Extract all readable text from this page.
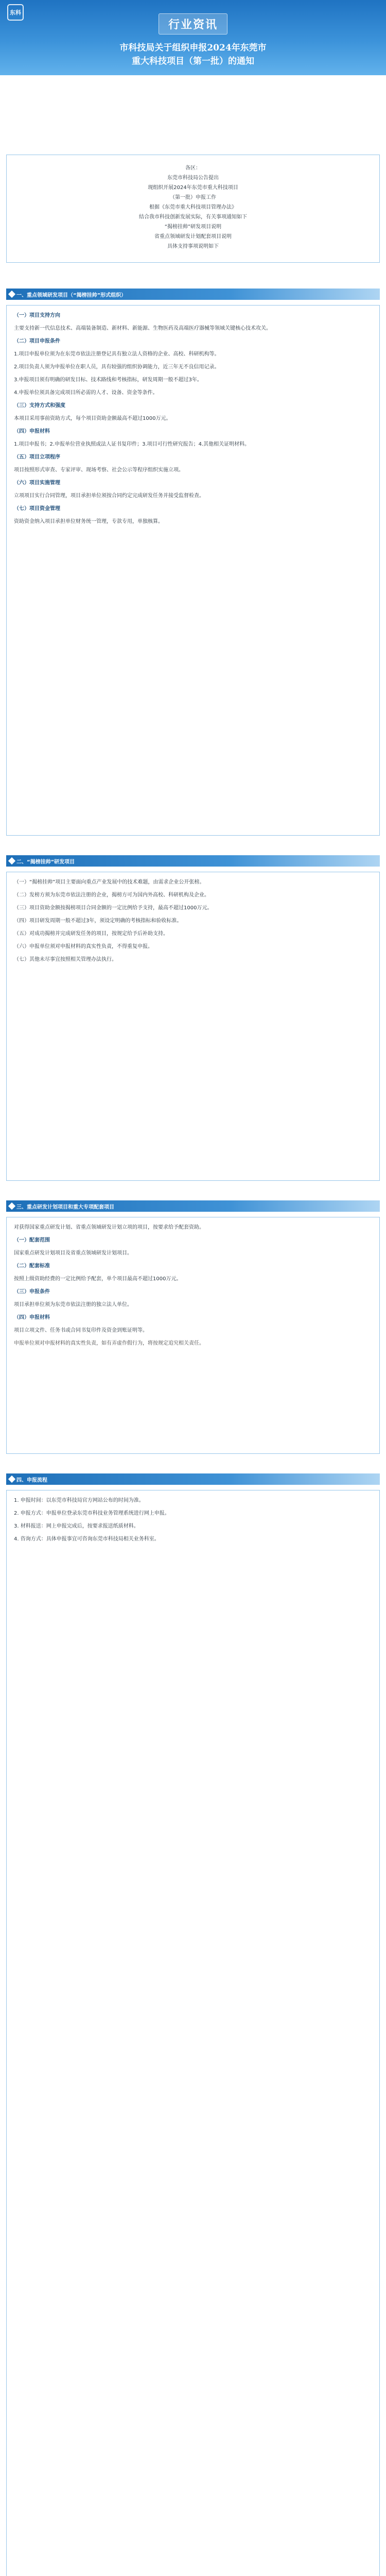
东科
行业资讯
市科技局关于组织申报2024年东莞市
重大科技项目（第一批）的通知
各区：
东莞市科技局公告提出
现组织开展2024年东莞市重大科技项目
（第一批）申报工作
根据《东莞市重大科技项目管理办法》
结合我市科技创新发展实际，有关事项通知如下
“揭榜挂帅”研发项目说明
省重点领域研发计划配套项目说明
具体支持事项说明如下
一、重点领域研发项目（“揭榜挂帅”形式组织）

（一）项目支持方向

主要支持新一代信息技术、高端装备制造、新材料、新能源、生物医药及高端医疗器械等领域关键核心技术攻关。

（二）项目申报条件

1.项目申报单位须为在东莞市依法注册登记具有独立法人资格的企业、高校、科研机构等。

2.项目负责人须为申报单位在职人员，具有较强的组织协调能力，近三年无不良信用记录。

3.申报项目须有明确的研发目标、技术路线和考核指标，研发周期一般不超过3年。

4.申报单位须具备完成项目所必需的人才、设备、资金等条件。

（三）支持方式和强度

本项目采用事前资助方式，每个项目资助金额最高不超过1000万元。

（四）申报材料

1.项目申报书；2.申报单位营业执照或法人证书复印件；3.项目可行性研究报告；4.其他相关证明材料。

（五）项目立项程序

项目按照形式审查、专家评审、现场考察、社会公示等程序组织实施立项。

（六）项目实施管理

立项项目实行合同管理，项目承担单位须按合同约定完成研发任务并接受监督检查。

（七）项目资金管理

资助资金纳入项目承担单位财务统一管理，专款专用，单独核算。

二、“揭榜挂帅”研发项目

（一）“揭榜挂帅”项目主要面向重点产业发展中的技术难题，由需求企业公开张榜。

（二）发榜方须为东莞市依法注册的企业，揭榜方可为国内外高校、科研机构及企业。

（三）项目资助金额按揭榜项目合同金额的一定比例给予支持，最高不超过1000万元。

（四）项目研发周期一般不超过3年，须设定明确的考核指标和验收标准。

（五）对成功揭榜并完成研发任务的项目，按规定给予后补助支持。

（六）申报单位须对申报材料的真实性负责，不得重复申报。

（七）其他未尽事宜按照相关管理办法执行。

三、重点研发计划项目和重大专项配套项目

对获得国家重点研发计划、省重点领域研发计划立项的项目，按要求给予配套资助。

（一）配套范围

国家重点研发计划项目及省重点领域研发计划项目。

（二）配套标准

按照上级资助经费的一定比例给予配套，单个项目最高不超过1000万元。

（三）申报条件

项目承担单位须为东莞市依法注册的独立法人单位。

（四）申报材料

项目立项文件、任务书或合同书复印件及资金到账证明等。

申报单位须对申报材料的真实性负责，如有弄虚作假行为，将按规定追究相关责任。

四、申报流程

1. 申报时间：以东莞市科技局官方网站公布的时间为准。

2. 申报方式：申报单位登录东莞市科技业务管理系统进行网上申报。

3. 材料报送：网上申报完成后，按要求报送纸质材料。

4. 咨询方式：具体申报事宜可咨询东莞市科技局相关业务科室。
